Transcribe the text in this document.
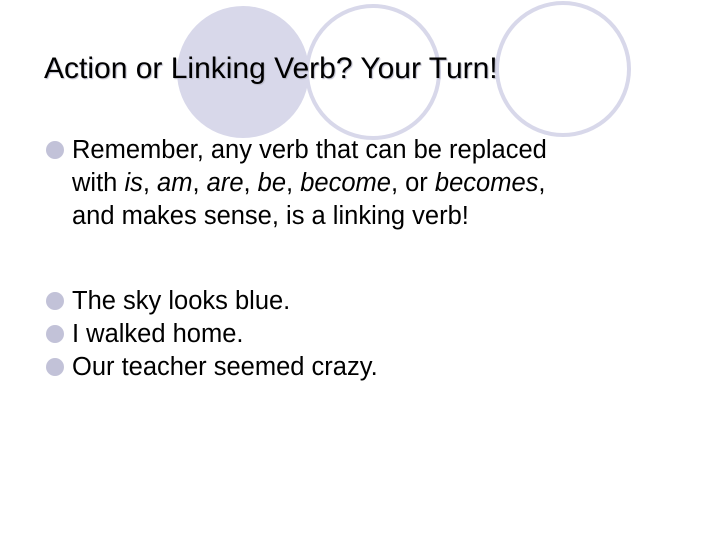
Action or Linking Verb? Your Turn!
Remember, any verb that can be replaced
with is, am, are, be, become, or becomes,
and makes sense, is a linking verb!
The sky looks blue.
I walked home.
Our teacher seemed crazy.
